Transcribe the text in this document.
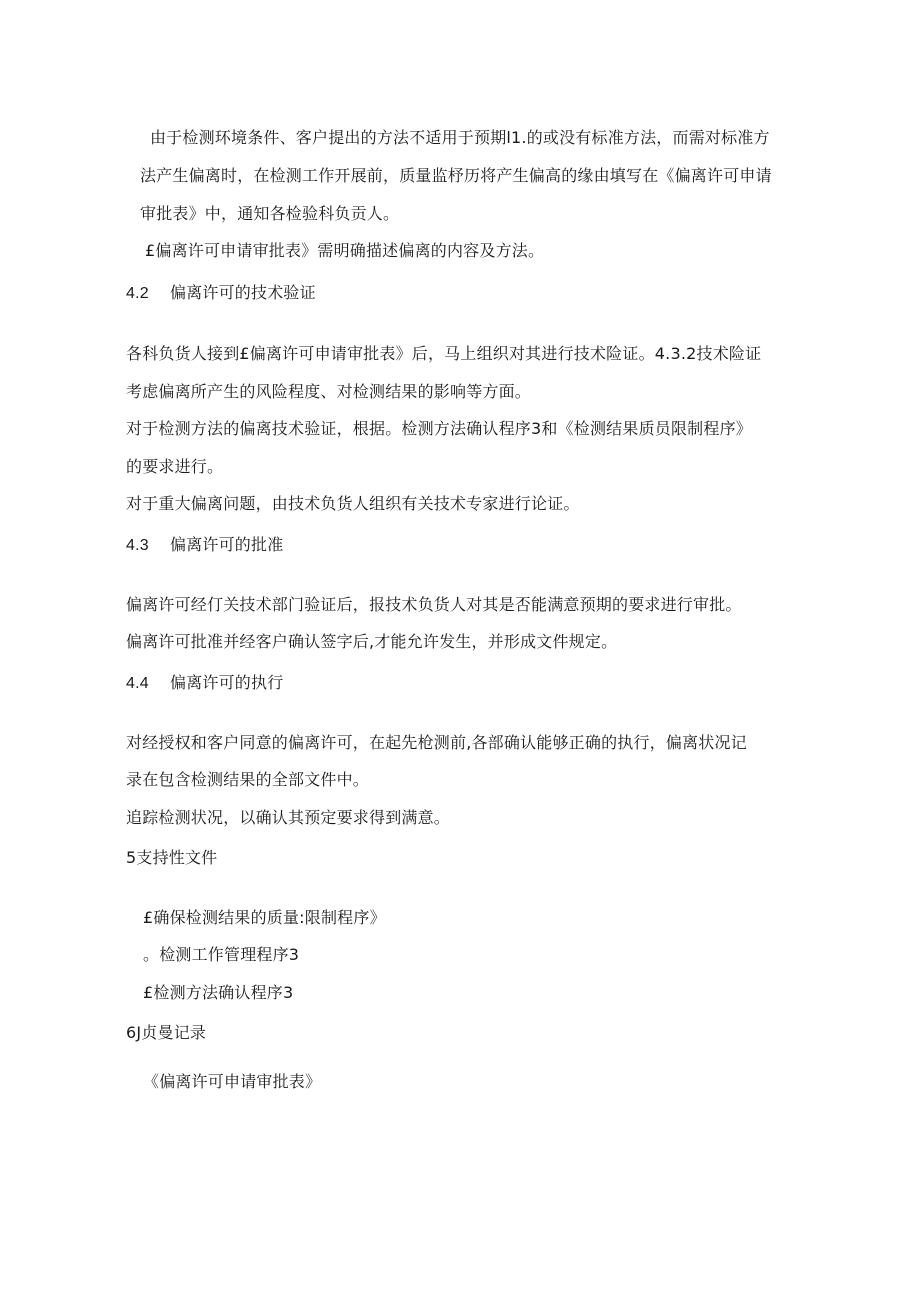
由于检测环境条件、客户提出的方法不适用于预期l1.的或没有标准方法，而需对标准方
法产生偏离时，在检测工作开展前，质量监杼历将产生偏高的缘由填写在《偏离许可申请
审批表》中，通知各检验科负贡人。
£偏离许可申请审批表》需明确描述偏离的内容及方法。
4.2 偏离许可的技术验证
各科负货人接到£偏离许可申请审批表》后，马上组织对其进行技术险证。4.3.2技术险证
考虑偏离所产生的风险程度、对检测结果的影响等方面。
对于检测方法的偏离技术验证，根据。检测方法确认程序3和《检测结果质员限制程序》
的要求进行。
对于重大偏离问题，由技术负货人组织有关技术专家进行论证。
4.3 偏离许可的批准
偏离许可经仃关技术部门验证后，报技术负货人对其是否能满意预期的要求进行审批。
偏离许可批准并经客户确认签字后,才能允许发生，并形成文件规定。
4.4 偏离许可的执行
对经授权和客户同意的偏离许可，在起先枪测前,各部确认能够正确的执行，偏离状况记
录在包含检测结果的全部文件中。
追踪检测状况，以确认其预定要求得到满意。
5支持性文件
£确保检测结果的质量:限制程序》
。检测工作管理程序3
£检测方法确认程序3
6J贞曼记录
《偏离许可申请审批表》
